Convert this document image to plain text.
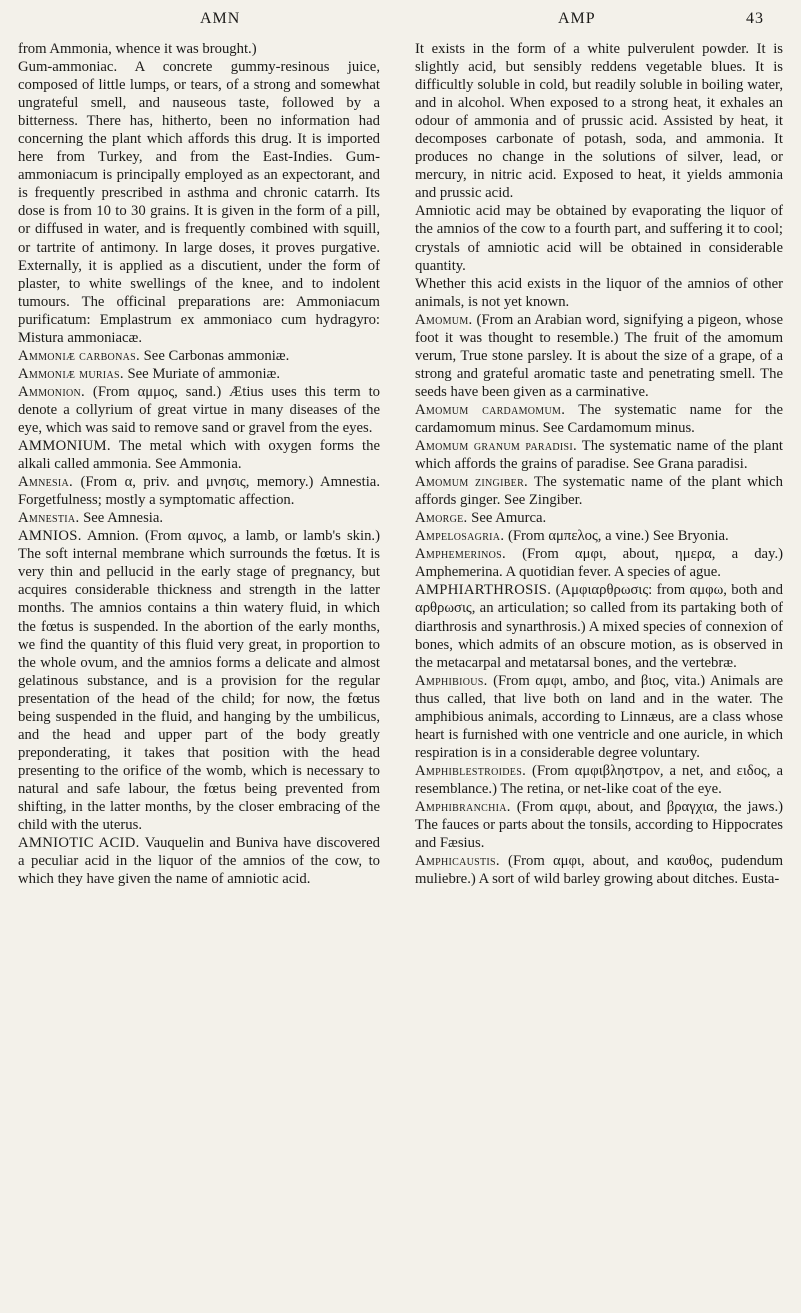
AMN	AMP	43

from Ammonia, whence it was brought.)

Gum-ammoniac. A concrete gummy-resinous juice, composed of little lumps, or tears, of a strong and somewhat ungrateful smell, and nauseous taste, followed by a bitterness. There has, hitherto, been no information had concerning the plant which affords this drug. It is imported here from Turkey, and from the East-Indies. Gum-ammoniacum is principally employed as an expectorant, and is frequently prescribed in asthma and chronic catarrh. Its dose is from 10 to 30 grains. It is given in the form of a pill, or diffused in water, and is frequently combined with squill, or tartrite of antimony. In large doses, it proves purgative. Externally, it is applied as a discutient, under the form of plaster, to white swellings of the knee, and to indolent tumours. The officinal preparations are: Ammoniacum purificatum: Emplastrum ex ammoniaco cum hydragyro: Mistura ammoniacæ.

Ammoniæ carbonas. See Carbonas ammoniæ.

Ammoniæ murias. See Muriate of ammoniæ.

Ammonion. (From αμμος, sand.) Ætius uses this term to denote a collyrium of great virtue in many diseases of the eye, which was said to remove sand or gravel from the eyes.

AMMONIUM. The metal which with oxygen forms the alkali called ammonia. See Ammonia.

Amnesia. (From α, priv. and μνησις, memory.) Amnestia. Forgetfulness; mostly a symptomatic affection.

Amnestia. See Amnesia.

AMNIOS. Amnion. (From αμνος, a lamb, or lamb's skin.) The soft internal membrane which surrounds the fœtus. It is very thin and pellucid in the early stage of pregnancy, but acquires considerable thickness and strength in the latter months. The amnios contains a thin watery fluid, in which the fœtus is suspended. In the abortion of the early months, we find the quantity of this fluid very great, in proportion to the whole ovum, and the amnios forms a delicate and almost gelatinous substance, and is a provision for the regular presentation of the head of the child; for now, the fœtus being suspended in the fluid, and hanging by the umbilicus, and the head and upper part of the body greatly preponderating, it takes that position with the head presenting to the orifice of the womb, which is necessary to natural and safe labour, the fœtus being prevented from shifting, in the latter months, by the closer embracing of the child with the uterus.

AMNIOTIC ACID. Vauquelin and Buniva have discovered a peculiar acid in the liquor of the amnios of the cow, to which they have given the name of amniotic acid.

It exists in the form of a white pulverulent powder. It is slightly acid, but sensibly reddens vegetable blues. It is difficultly soluble in cold, but readily soluble in boiling water, and in alcohol. When exposed to a strong heat, it exhales an odour of ammonia and of prussic acid. Assisted by heat, it decomposes carbonate of potash, soda, and ammonia. It produces no change in the solutions of silver, lead, or mercury, in nitric acid. Exposed to heat, it yields ammonia and prussic acid.

Amniotic acid may be obtained by evaporating the liquor of the amnios of the cow to a fourth part, and suffering it to cool; crystals of amniotic acid will be obtained in considerable quantity.

Whether this acid exists in the liquor of the amnios of other animals, is not yet known.

Amomum. (From an Arabian word, signifying a pigeon, whose foot it was thought to resemble.) The fruit of the amomum verum, True stone parsley. It is about the size of a grape, of a strong and grateful aromatic taste and penetrating smell. The seeds have been given as a carminative.

Amomum cardamomum. The systematic name for the cardamomum minus. See Cardamomum minus.

Amomum granum paradisi. The systematic name of the plant which affords the grains of paradise. See Grana paradisi.

Amomum zingiber. The systematic name of the plant which affords ginger. See Zingiber.

Amorge. See Amurca.

Ampelosagria. (From αμπελος, a vine.) See Bryonia.

Amphemerinos. (From αμφι, about, ημερα, a day.) Amphemerina. A quotidian fever. A species of ague.

AMPHIARTHROSIS. (Αμφιαρθρωσις: from αμφω, both and αρθρωσις, an articulation; so called from its partaking both of diarthrosis and synarthrosis.) A mixed species of connexion of bones, which admits of an obscure motion, as is observed in the metacarpal and metatarsal bones, and the vertebræ.

Amphibious. (From αμφι, ambo, and βιος, vita.) Animals are thus called, that live both on land and in the water. The amphibious animals, according to Linnæus, are a class whose heart is furnished with one ventricle and one auricle, in which respiration is in a considerable degree voluntary.

Amphiblestroides. (From αμφιβληστρον, a net, and ειδος, a resemblance.) The retina, or net-like coat of the eye.

Amphibranchia. (From αμφι, about, and βραγχια, the jaws.) The fauces or parts about the tonsils, according to Hippocrates and Fæsius.

Amphicaustis. (From αμφι, about, and καυθος, pudendum muliebre.) A sort of wild barley growing about ditches. Eusta-
